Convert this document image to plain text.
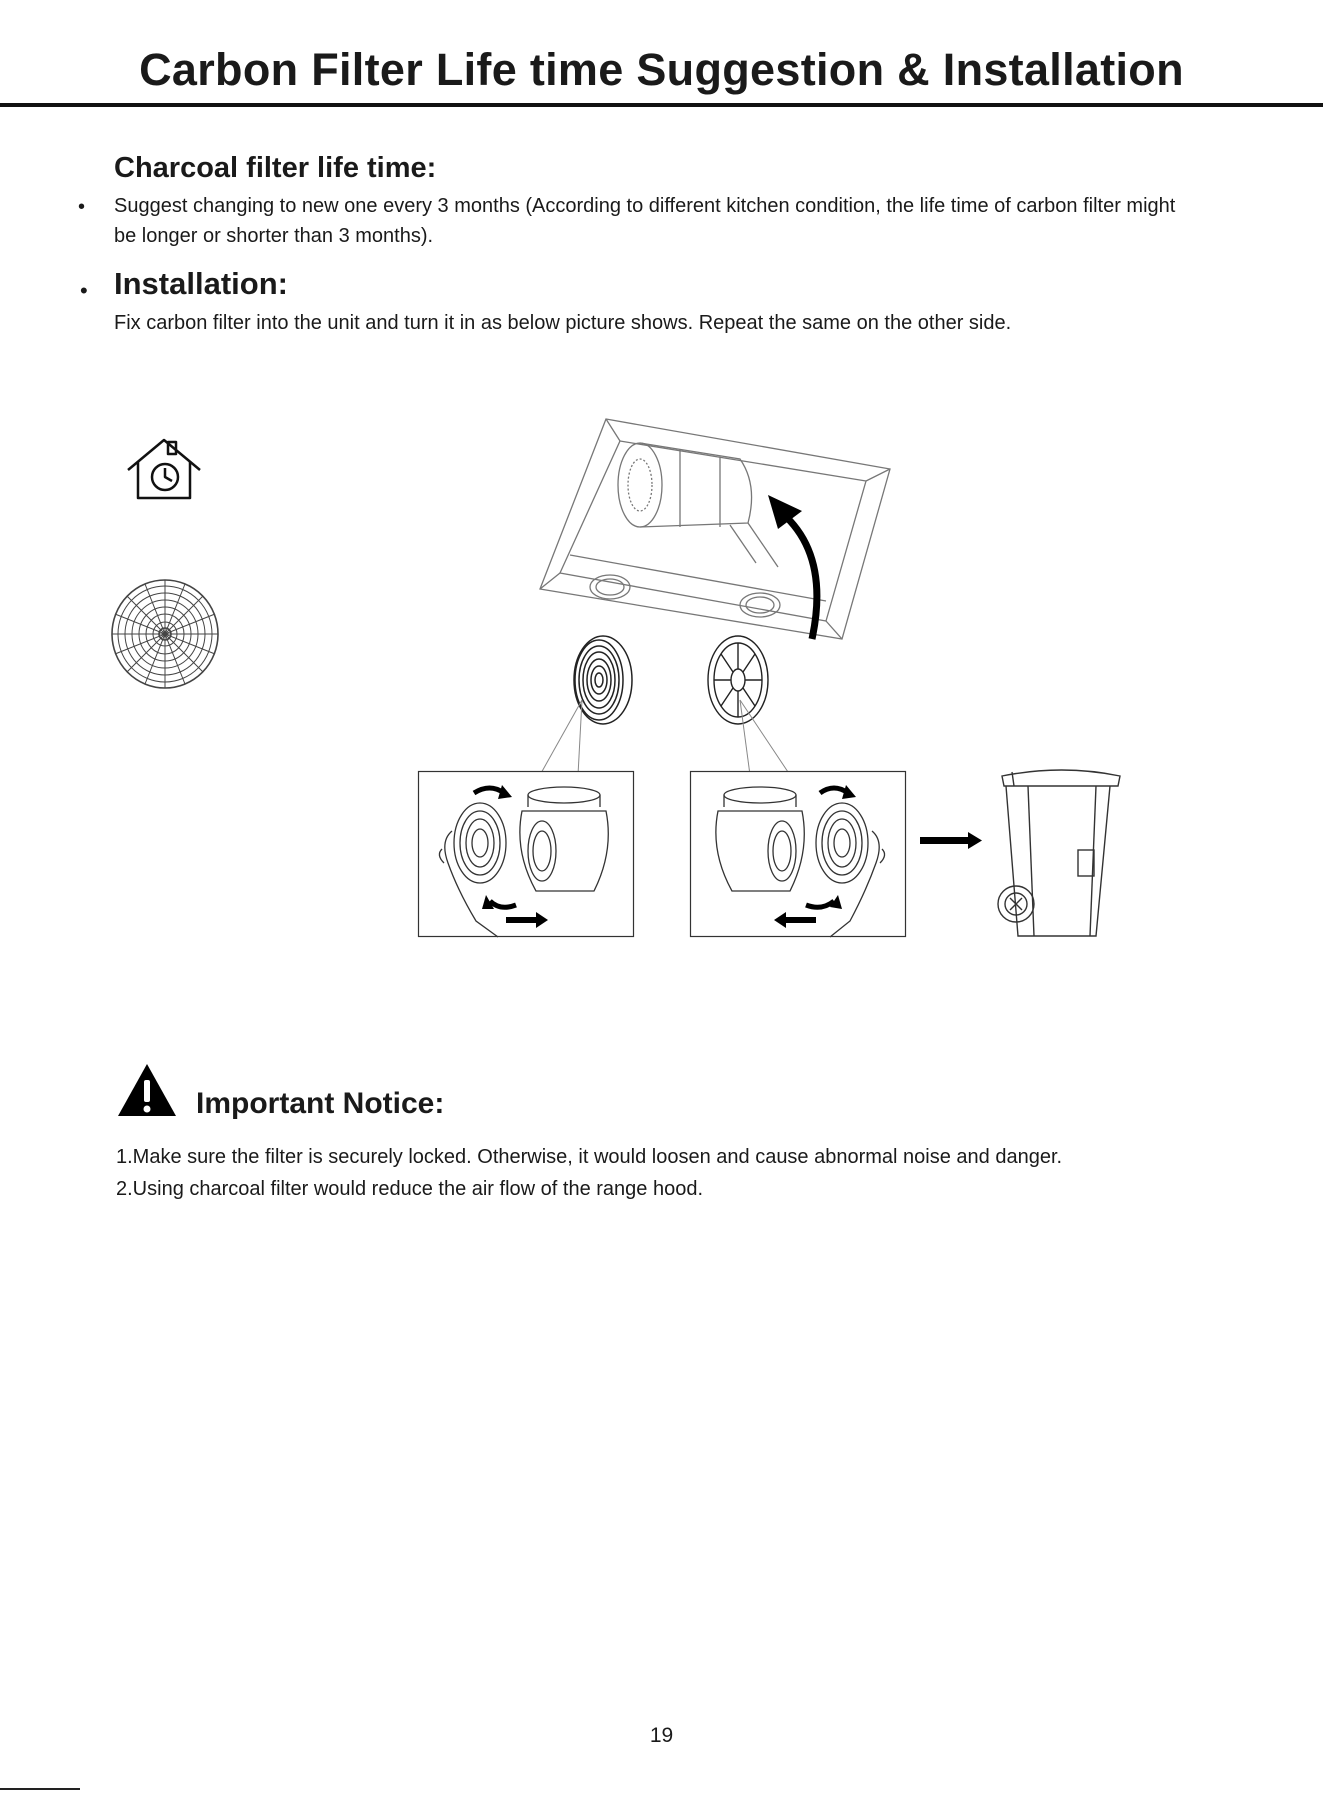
Carbon Filter Life time Suggestion & Installation
Charcoal filter life time:
• Suggest changing to new one every 3 months (According to different kitchen condition, the life time of carbon filter might be longer or shorter than 3 months).
• Installation:
Fix carbon filter into the unit and turn it in as below picture shows. Repeat the same on the other side.
Important Notice:
1.Make sure the filter is securely locked. Otherwise, it would loosen and cause abnormal noise and danger.
2.Using charcoal filter would reduce the air flow of the range hood.
19
